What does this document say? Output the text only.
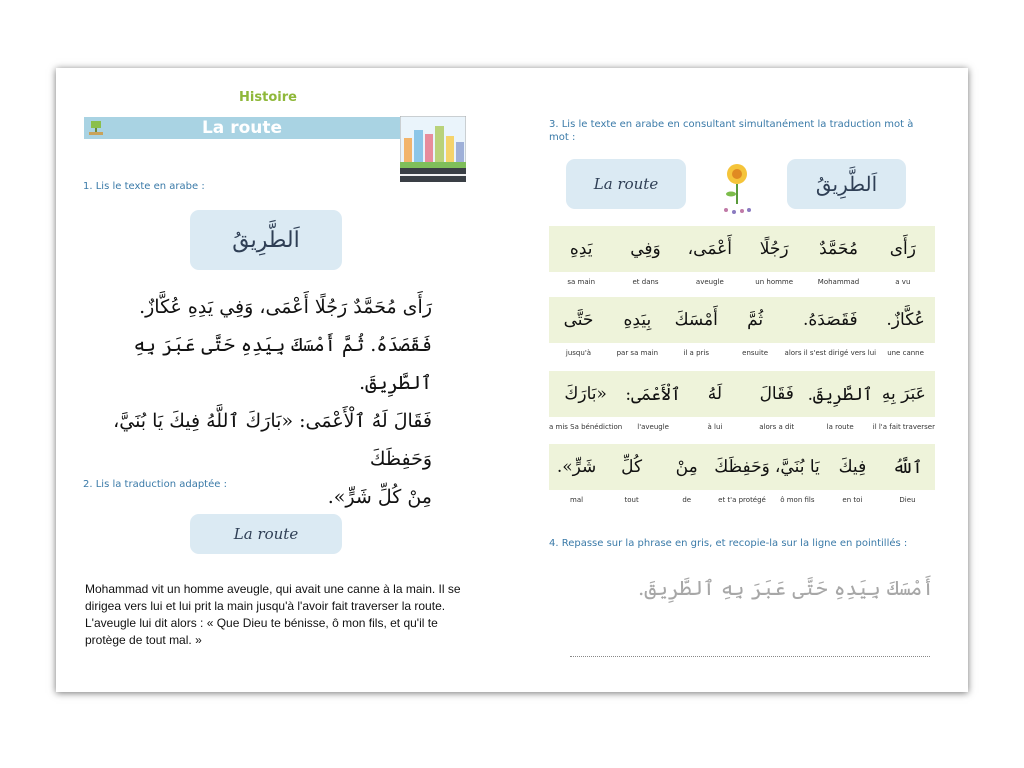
Histoire
La route
1. Lis le texte en arabe :
اَلطَّرِيقُ
رَأَى مُحَمَّدٌ رَجُلًا أَعْمَى، وَفِي يَدِهِ عُكَّازٌ.
فَقَصَدَهُ. ثُمَّ أَمْسَكَ بِيَدِهِ حَتَّى عَبَرَ بِهِ ٱلطَّرِيقَ.
فَقَالَ لَهُ ٱلْأَعْمَى: «بَارَكَ ٱللَّهُ فِيكَ يَا بُنَيَّ، وَحَفِظَكَ
مِنْ كُلِّ شَرٍّ».
2. Lis la traduction adaptée :
La route
Mohammad vit un homme aveugle, qui avait une canne à la main. Il se dirigea vers lui et lui prit la main jusqu'à l'avoir fait traverser la route. L'aveugle lui dit alors : « Que Dieu te bénisse, ô mon fils, et qu'il te protège de tout mal. »
3. Lis le texte en arabe en consultant simultanément la traduction mot à mot :
La route	اَلطَّرِيقُ
رَأَى
a vu
مُحَمَّدٌ
Mohammad
رَجُلًا
un homme
أَعْمَى،
aveugle
وَفِي
et dans
يَدِهِ
sa main
عُكَّازٌ.
une canne
فَقَصَدَهُ.
alors il s'est dirigé vers lui
ثُمَّ
ensuite
أَمْسَكَ
il a pris
بِيَدِهِ
par sa main
حَتَّى
jusqu'à
عَبَرَ بِهِ
il l'a fait traverser
ٱلطَّرِيقَ.
la route
فَقَالَ
alors a dit
لَهُ
à lui
ٱلْأَعْمَى:
l'aveugle
«بَارَكَ
a mis Sa bénédiction
ٱللَّهُ
Dieu
فِيكَ
en toi
يَا بُنَيَّ،
ô mon fils
وَحَفِظَكَ
et t'a protégé
مِنْ
de
كُلِّ
tout
شَرٍّ».
mal
4. Repasse sur la phrase en gris, et recopie-la sur la ligne en pointillés :
أَمْسَكَ بِيَدِهِ حَتَّى عَبَرَ بِهِ ٱلطَّرِيقَ.
